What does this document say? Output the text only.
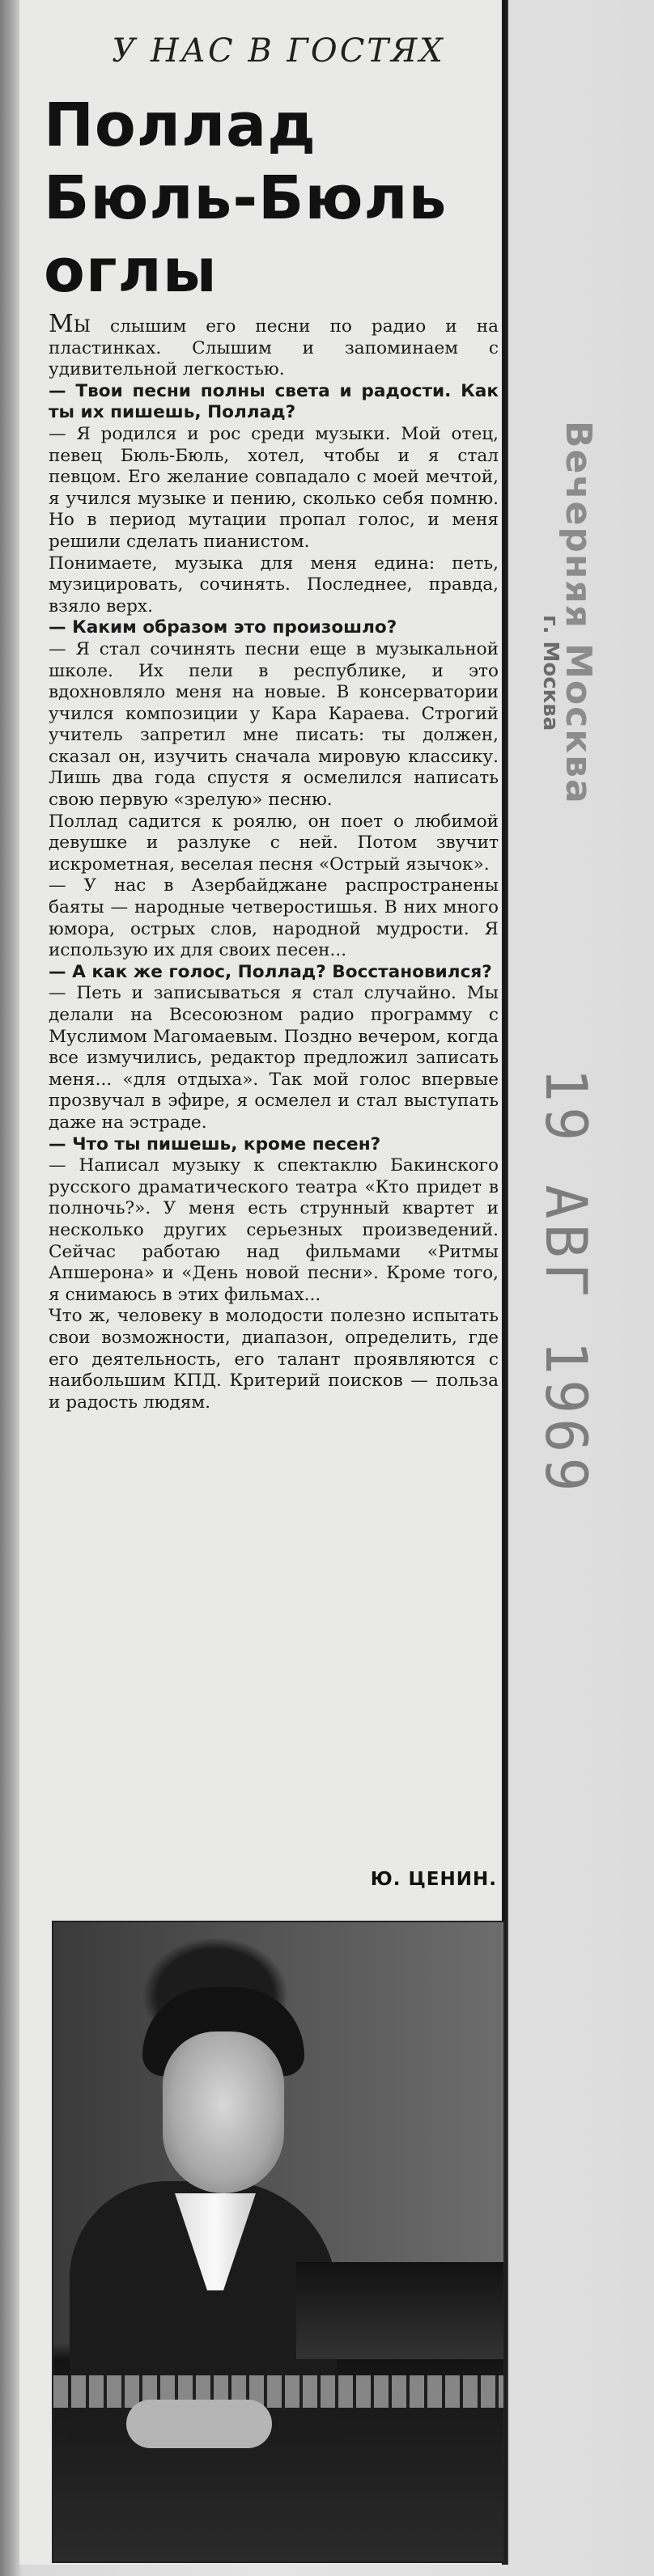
У НАС В ГОСТЯХ
Поллад Бюль-Бюль оглы

МЫ слышим его песни по радио и на пластинках. Слышим и запоминаем с удивительной легкостью.

— Твои песни полны света и радости. Как ты их пишешь, Поллад?

— Я родился и рос среди музыки. Мой отец, певец Бюль-Бюль, хотел, чтобы и я стал певцом. Его желание совпадало с моей мечтой, я учился музыке и пению, сколько себя помню. Но в период мутации пропал голос, и меня решили сделать пианистом.

Понимаете, музыка для меня едина: петь, музицировать, сочинять. Последнее, правда, взяло верх.

— Каким образом это произошло?

— Я стал сочинять песни еще в музыкальной школе. Их пели в республике, и это вдохновляло меня на новые. В консерватории учился композиции у Кара Караева. Строгий учитель запретил мне писать: ты должен, сказал он, изучить сначала мировую классику. Лишь два года спустя я осмелился написать свою первую «зрелую» песню.

Поллад садится к роялю, он поет о любимой девушке и разлуке с ней. Потом звучит искрометная, веселая песня «Острый язычок».

— У нас в Азербайджане распространены баяты — народные четверостишья. В них много юмора, острых слов, народной мудрости. Я использую их для своих песен...

— А как же голос, Поллад? Восстановился?

— Петь и записываться я стал случайно. Мы делали на Всесоюзном радио программу с Муслимом Магомаевым. Поздно вечером, когда все измучились, редактор предложил записать меня... «для отдыха». Так мой голос впервые прозвучал в эфире, я осмелел и стал выступать даже на эстраде.

— Что ты пишешь, кроме песен?

— Написал музыку к спектаклю Бакинского русского драматического театра «Кто придет в полночь?». У меня есть струнный квартет и несколько других серьезных произведений. Сейчас работаю над фильмами «Ритмы Апшерона» и «День новой песни». Кроме того, я снимаюсь в этих фильмах...

Что ж, человеку в молодости полезно испытать свои возможности, диапазон, определить, где его деятельность, его талант проявляются с наибольшим КПД. Критерий поисков — польза и радость людям.

Ю. ЦЕНИН.
Вечерняя Москва
г. Москва
19 АВГ 1969
